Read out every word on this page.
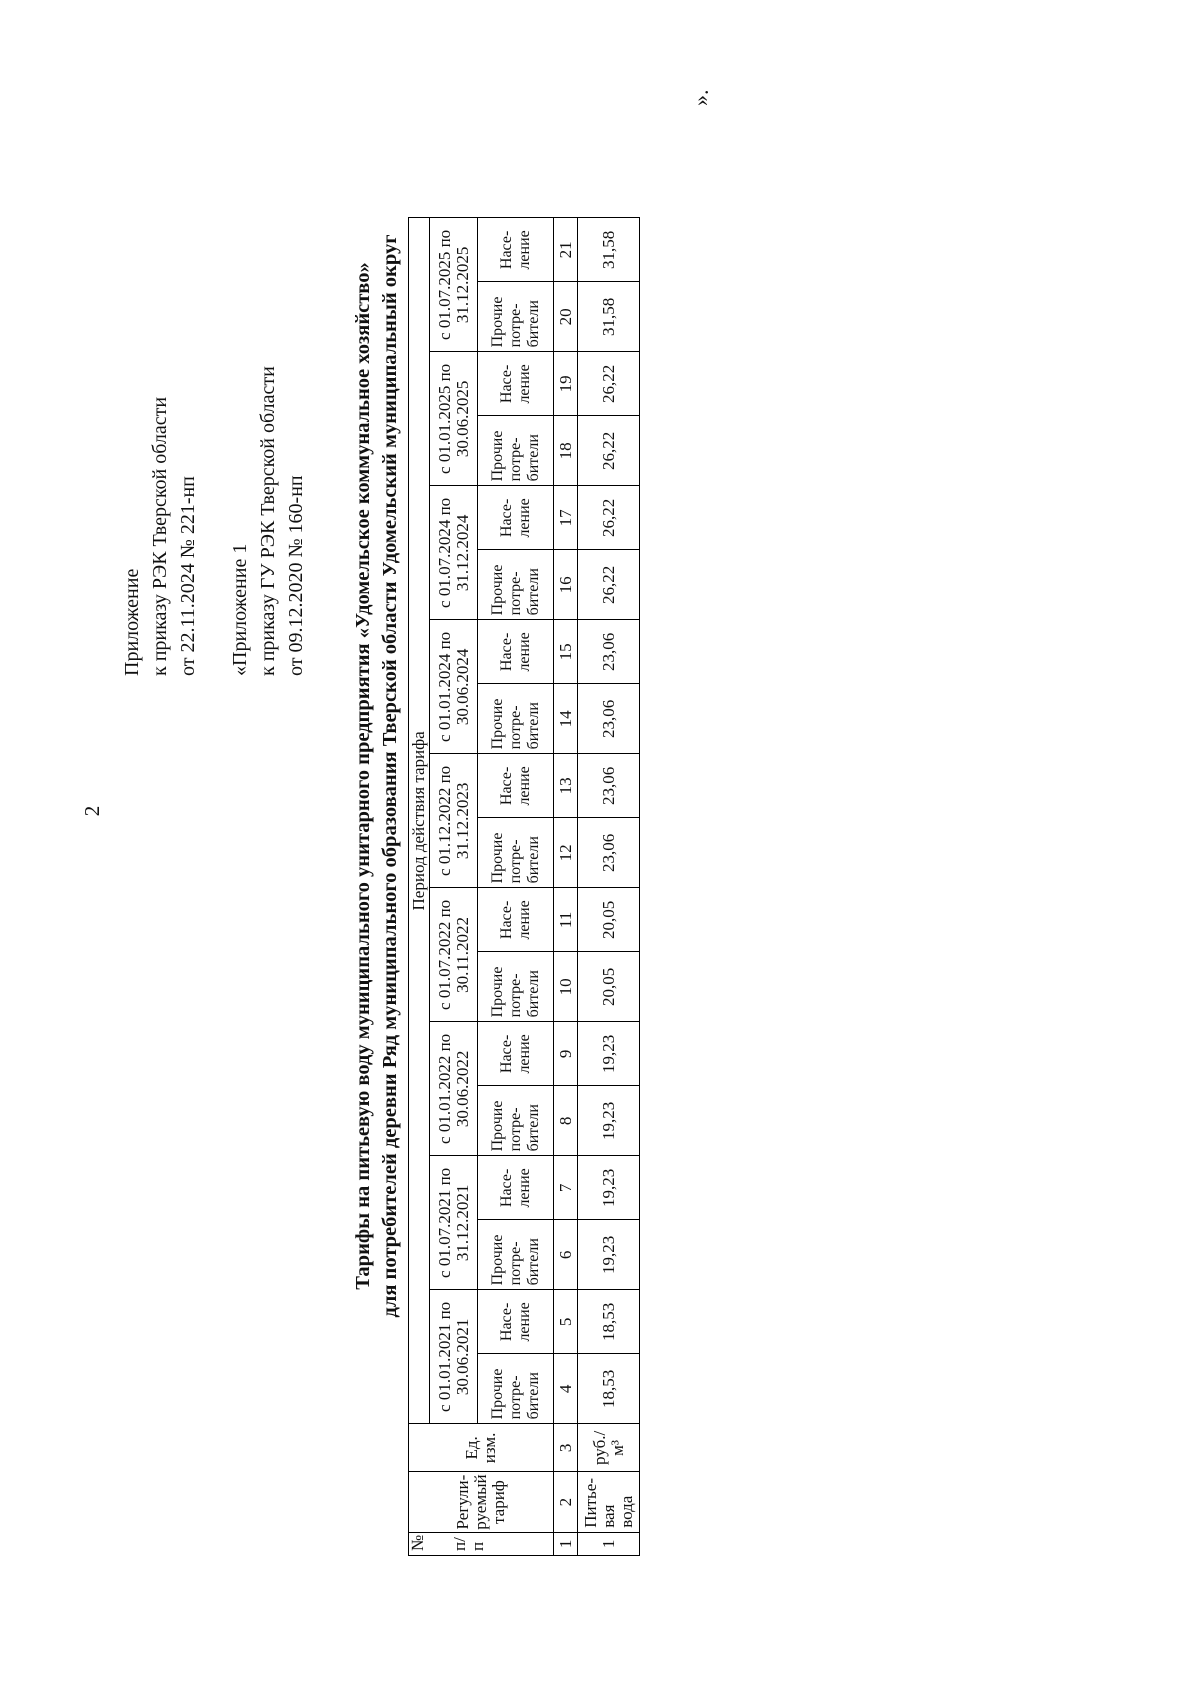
2
Приложение к приказу РЭК Тверской области от 22.11.2024 № 221-нп «Приложение 1 к приказу ГУ РЭК Тверской области от 09.12.2020 № 160-нп Тарифы на питьевую воду муниципального унитарного предприятия «Удомельское коммунальное хозяйство» для потребителей деревни Ряд муниципального образования Тверской области Удомельский муниципальный округ
№ п/ п	Регули-руемый тариф	Ед. изм.	Период действия тарифа																	
			с 01.01.2021 по 30.06.2021		с 01.07.2021 по 31.12.2021		с 01.01.2022 по 30.06.2022		с 01.07.2022 по 30.11.2022		с 01.12.2022 по 31.12.2023		с 01.01.2024 по 30.06.2024		с 01.07.2024 по 31.12.2024		с 01.01.2025 по 30.06.2025		с 01.07.2025 по 31.12.2025	
			Прочие потре-бители	Насе-ление	Прочие потре-бители	Насе-ление	Прочие потре-бители	Насе-ление	Прочие потре-бители	Насе-ление	Прочие потре-бители	Насе-ление	Прочие потре-бители	Насе-ление	Прочие потре-бители	Насе-ление	Прочие потре-бители	Насе-ление	Прочие потре-бители	Насе-ление
1	2	3	4	5	6	7	8	9	10	11	12	13	14	15	16	17	18	19	20	21
1	Питье-вая вода	руб./ м³	18,53	18,53	19,23	19,23	19,23	19,23	20,05	20,05	23,06	23,06	23,06	23,06	26,22	26,22	26,22	26,22	31,58	31,58
».
